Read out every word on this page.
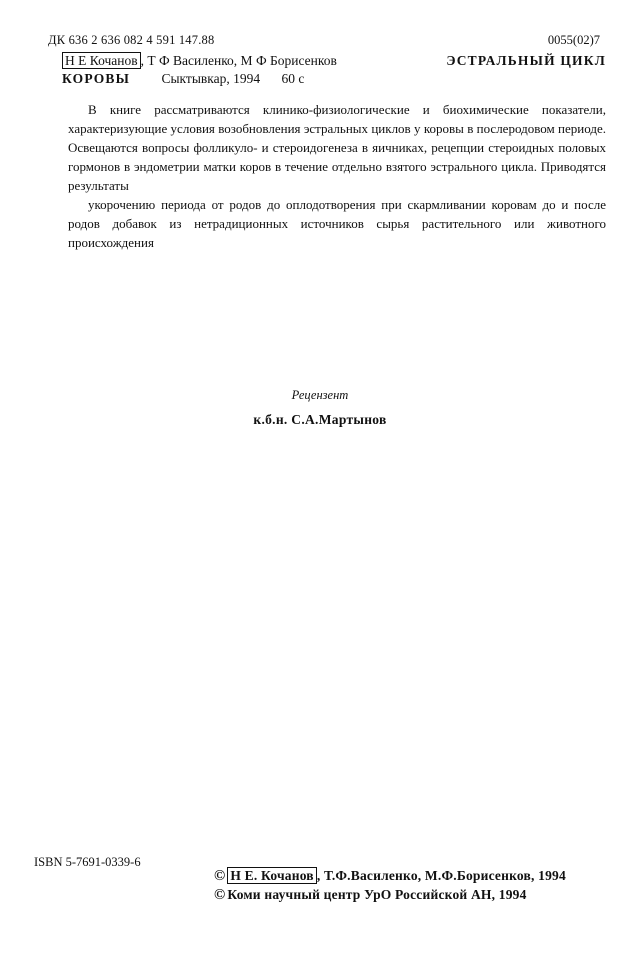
ДК 636 2 636 082 4 591 147.88	0055(02)7
Н Е Кочанов , Т Ф Василенко, М Ф Борисенков	ЭСТРАЛЬНЫЙ ЦИКЛ
КОРОВЫ Сыктывкар, 1994 60 с

В книге рассматриваются клинико-физиологические и биохимические показатели, характеризующие условия возобновления эстральных циклов у коровы в послеродовом периоде. Освещаются вопросы фолликуло- и стероидогенеза в яичниках, рецепции стероидных половых гормонов в эндометрии матки коров в течение отдельно взятого эстрального цикла. Приводятся результаты

укорочению периода от родов до оплодотворения при скармливании коровам до и после родов добавок из нетрадиционных источников сырья растительного или животного происхождения

Рецензент
к.б.н. С.А.Мартынов
ISBN 5-7691-0339-6
© Н Е. Кочанов , Т.Ф.Василенко, М.Ф.Борисенков, 1994
© Коми научный центр УрО Российской АН, 1994
